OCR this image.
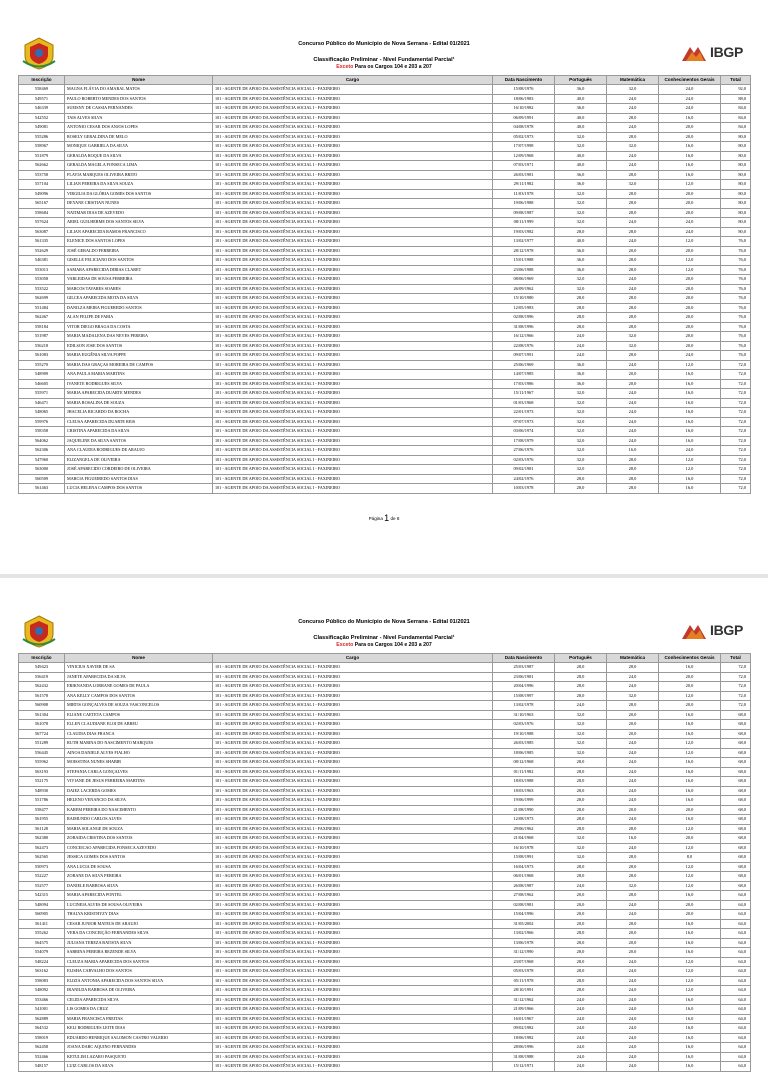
Concurso Público do Município de Nova Serrana - Edital 01/2021
Classificação Preliminar - Nível Fundamental Parcial¹
Exceto Para os Cargos 104 e 203 a 207
IBGP
Inscrição	Nome	Cargo	Data Nascimento	Português	Matemática	Conhecimentos Gerais	Total
558469	MAGNA FLÁVIA DO AMARAL MATOS	101 - AGENTE DE APOIO DA ASSISTÊNCIA SOCIAL I - FAXINEIRO	15/08/1976	36,0	32,0	24,0	92,0
549571	PAULO ROBERTO MENDES DOS SANTOS	101 - AGENTE DE APOIO DA ASSISTÊNCIA SOCIAL I - FAXINEIRO	18/06/1983	40,0	24,0	24,0	88,0
546339	SUEISNY DE CASSIA FERNANDES	101 - AGENTE DE APOIO DA ASSISTÊNCIA SOCIAL I - FAXINEIRO	16/10/1982	36,0	24,0	24,0	84,0
542552	TAIS ALVES SILVA	101 - AGENTE DE APOIO DA ASSISTÊNCIA SOCIAL I - FAXINEIRO	06/09/1991	40,0	28,0	16,0	84,0
549081	ANTONIO CESAR DOS ANJOS LOPES	101 - AGENTE DE APOIO DA ASSISTÊNCIA SOCIAL I - FAXINEIRO	04/08/1978	40,0	24,0	20,0	84,0
555286	ROSELY GERALDINA DE MELO	101 - AGENTE DE APOIO DA ASSISTÊNCIA SOCIAL I - FAXINEIRO	05/02/1973	32,0	28,0	20,0	80,0
558967	MONIQUE GABRIELA DA SILVA	101 - AGENTE DE APOIO DA ASSISTÊNCIA SOCIAL I - FAXINEIRO	17/07/1998	32,0	32,0	16,0	80,0
551879	GERALDA ROQUE DA SILVA	101 - AGENTE DE APOIO DA ASSISTÊNCIA SOCIAL I - FAXINEIRO	12/09/1968	40,0	24,0	16,0	80,0
562662	GERALDA MAGELA FONSECA LIMA	101 - AGENTE DE APOIO DA ASSISTÊNCIA SOCIAL I - FAXINEIRO	07/03/1971	40,0	24,0	16,0	80,0
553758	FLAVIA MARQUES OLIVEIRA BRITO	101 - AGENTE DE APOIO DA ASSISTÊNCIA SOCIAL I - FAXINEIRO	26/03/1981	36,0	28,0	16,0	80,0
557104	LILIAN PEREIRA DA SILVA SOUZA	101 - AGENTE DE APOIO DA ASSISTÊNCIA SOCIAL I - FAXINEIRO	29/11/1982	36,0	32,0	12,0	80,0
549096	VIRGILIA DA GLÓRIA GOMES DOS SANTOS	101 - AGENTE DE APOIO DA ASSISTÊNCIA SOCIAL I - FAXINEIRO	11/03/1978	32,0	28,0	20,0	80,0
565167	DEYANE CRISTIAN NUNES	101 - AGENTE DE APOIO DA ASSISTÊNCIA SOCIAL I - FAXINEIRO	19/06/1988	32,0	28,0	20,0	80,0
558684	NATIMAR DIAS DE AZEVEDO	101 - AGENTE DE APOIO DA ASSISTÊNCIA SOCIAL I - FAXINEIRO	09/08/1987	32,0	28,0	20,0	80,0
557624	ARIEL GUILHERME DOS SANTOS SILVA	101 - AGENTE DE APOIO DA ASSISTÊNCIA SOCIAL I - FAXINEIRO	08/11/1999	32,0	24,0	24,0	80,0
563087	LILIAN APARECIDA RAMOS FRANCISCO	101 - AGENTE DE APOIO DA ASSISTÊNCIA SOCIAL I - FAXINEIRO	19/03/1982	28,0	28,0	24,0	80,0
561335	ELENICE DOS SANTOS LOPES	101 - AGENTE DE APOIO DA ASSISTÊNCIA SOCIAL I - FAXINEIRO	13/02/1977	40,0	24,0	12,0	76,0
552629	JOSÉ GERALDO FERREIRA	101 - AGENTE DE APOIO DA ASSISTÊNCIA SOCIAL I - FAXINEIRO	28/12/1978	36,0	20,0	20,0	76,0
546381	GISELLE FELICIANO DOS SANTOS	101 - AGENTE DE APOIO DA ASSISTÊNCIA SOCIAL I - FAXINEIRO	15/01/1988	36,0	28,0	12,0	76,0
553013	SAMARA APARECIDA DIBIAS CLARET	101 - AGENTE DE APOIO DA ASSISTÊNCIA SOCIAL I - FAXINEIRO	23/06/1988	36,0	28,0	12,0	76,0
553058	VARLEIDAS DE SOUSA FERREIRA	101 - AGENTE DE APOIO DA ASSISTÊNCIA SOCIAL I - FAXINEIRO	08/06/1969	32,0	24,0	20,0	76,0
553522	MARCOS TAVARES SOARES	101 - AGENTE DE APOIO DA ASSISTÊNCIA SOCIAL I - FAXINEIRO	26/09/1962	32,0	24,0	20,0	76,0
562699	GILCEA APARECIDA MOTA DA SILVA	101 - AGENTE DE APOIO DA ASSISTÊNCIA SOCIAL I - FAXINEIRO	15/10/1980	28,0	28,0	20,0	76,0
551484	DANILZA MEIRA FIGUEREDO SANTOS	101 - AGENTE DE APOIO DA ASSISTÊNCIA SOCIAL I - FAXINEIRO	12/05/1983	28,0	28,0	20,0	76,0
562467	ALAN FELIPE DE FARIA	101 - AGENTE DE APOIO DA ASSISTÊNCIA SOCIAL I - FAXINEIRO	02/08/1996	28,0	28,0	20,0	76,0
558184	VITOR DIEGO BRAGA DA COSTA	101 - AGENTE DE APOIO DA ASSISTÊNCIA SOCIAL I - FAXINEIRO	31/08/1996	28,0	28,0	20,0	76,0
551987	MARIA MADALENA DAS NEVES PEREIRA	101 - AGENTE DE APOIO DA ASSISTÊNCIA SOCIAL I - FAXINEIRO	16/12/1966	24,0	32,0	20,0	76,0
556218	EDILSON JOSE DOS SANTOS	101 - AGENTE DE APOIO DA ASSISTÊNCIA SOCIAL I - FAXINEIRO	22/08/1976	24,0	32,0	20,0	76,0
561083	MARIA EUGÊNIA SILVA POPPE	101 - AGENTE DE APOIO DA ASSISTÊNCIA SOCIAL I - FAXINEIRO	09/07/1991	24,0	28,0	24,0	76,0
555270	MARIA DAS GRAÇAS MOREIRA DE CAMPOS	101 - AGENTE DE APOIO DA ASSISTÊNCIA SOCIAL I - FAXINEIRO	25/06/1969	36,0	24,0	12,0	72,0
548909	ANA PAULA MARIA MARTINS	101 - AGENTE DE APOIO DA ASSISTÊNCIA SOCIAL I - FAXINEIRO	14/07/1985	36,0	20,0	16,0	72,0
546605	IVANETE RODRIGUES SILVA	101 - AGENTE DE APOIO DA ASSISTÊNCIA SOCIAL I - FAXINEIRO	17/03/1986	36,0	20,0	16,0	72,0
555971	MARIA APARECIDA DUARTE MENDES	101 - AGENTE DE APOIO DA ASSISTÊNCIA SOCIAL I - FAXINEIRO	15/11/1967	32,0	24,0	16,0	72,0
546471	MARIA ROSALINA DE SOUZA	101 - AGENTE DE APOIO DA ASSISTÊNCIA SOCIAL I - FAXINEIRO	01/03/1968	32,0	24,0	16,0	72,0
548065	JHACELIA RICARDO DA ROCHA	101 - AGENTE DE APOIO DA ASSISTÊNCIA SOCIAL I - FAXINEIRO	22/01/1973	32,0	24,0	16,0	72,0
559976	CLEUSA APARECIDA DUARTE REIS	101 - AGENTE DE APOIO DA ASSISTÊNCIA SOCIAL I - FAXINEIRO	07/07/1973	32,0	24,0	16,0	72,0
558358	CRISTINA APARECIDA DA SILVA	101 - AGENTE DE APOIO DA ASSISTÊNCIA SOCIAL I - FAXINEIRO	03/06/1974	32,0	24,0	16,0	72,0
564062	JAQUELINE DA SILVA SANTOS	101 - AGENTE DE APOIO DA ASSISTÊNCIA SOCIAL I - FAXINEIRO	17/08/1979	32,0	24,0	16,0	72,0
562306	ANA CLAUDIA RODRIGUES DE ARAUJO	101 - AGENTE DE APOIO DA ASSISTÊNCIA SOCIAL I - FAXINEIRO	27/06/1976	32,0	16,0	24,0	72,0
547960	ELIZANGELA DE OLIVEIRA	101 - AGENTE DE APOIO DA ASSISTÊNCIA SOCIAL I - FAXINEIRO	02/03/1976	32,0	28,0	12,0	72,0
563000	JOSÉ APARECIDO CORDEIRO DE OLIVEIRA	101 - AGENTE DE APOIO DA ASSISTÊNCIA SOCIAL I - FAXINEIRO	09/02/1981	32,0	28,0	12,0	72,0
560509	MARCIA FIGUEIREDO SANTOS DIAS	101 - AGENTE DE APOIO DA ASSISTÊNCIA SOCIAL I - FAXINEIRO	24/02/1976	28,0	28,0	16,0	72,0
561463	LUCIA HELENA CAMPOS DOS SANTOS	101 - AGENTE DE APOIO DA ASSISTÊNCIA SOCIAL I - FAXINEIRO	10/03/1978	28,0	28,0	16,0	72,0
Página 1 de 8
Concurso Público do Município de Nova Serrana - Edital 01/2021
Classificação Preliminar - Nível Fundamental Parcial¹
Exceto Para os Cargos 104 e 203 a 207
IBGP
Inscrição	Nome	Cargo	Data Nascimento	Português	Matemática	Conhecimentos Gerais	Total
549423	VINICIUS XAVIER DE SA	101 - AGENTE DE APOIO DA ASSISTÊNCIA SOCIAL I - FAXINEIRO	25/03/1987	28,0	28,0	16,0	72,0
556419	JANETE APARECIDA DA SILVA	101 - AGENTE DE APOIO DA ASSISTÊNCIA SOCIAL I - FAXINEIRO	23/06/1981	28,0	24,0	20,0	72,0
562432	ERIKNANDA LORRANE GOMES DE PAULA	101 - AGENTE DE APOIO DA ASSISTÊNCIA SOCIAL I - FAXINEIRO	20/04/1996	28,0	24,0	20,0	72,0
561578	ANA KELLY CAMPOS DOS SANTOS	101 - AGENTE DE APOIO DA ASSISTÊNCIA SOCIAL I - FAXINEIRO	15/08/1997	28,0	32,0	12,0	72,0
560908	MIRTIS GONÇALVES DE SOUZA VASCONCELOS	101 - AGENTE DE APOIO DA ASSISTÊNCIA SOCIAL I - FAXINEIRO	13/02/1978	24,0	28,0	20,0	72,0
561304	ELIANE CAETETA CAMPOS	101 - AGENTE DE APOIO DA ASSISTÊNCIA SOCIAL I - FAXINEIRO	31/10/1963	32,0	20,0	16,0	68,0
561078	ELLEN CLAUDIANE ELOI DE ABREU	101 - AGENTE DE APOIO DA ASSISTÊNCIA SOCIAL I - FAXINEIRO	02/03/1976	32,0	20,0	16,0	68,0
567724	CLAUDIA DIAS FRANCA	101 - AGENTE DE APOIO DA ASSISTÊNCIA SOCIAL I - FAXINEIRO	19/10/1988	32,0	20,0	16,0	68,0
551289	RUTH MARINA DO NASCIMENTO MARQUES	101 - AGENTE DE APOIO DA ASSISTÊNCIA SOCIAL I - FAXINEIRO	26/03/1985	32,0	24,0	12,0	68,0
556445	AINOA DANIELE ALVES FIALHO	101 - AGENTE DE APOIO DA ASSISTÊNCIA SOCIAL I - FAXINEIRO	18/06/1985	32,0	24,0	12,0	68,0
555962	MOISSTINA NUNES SHABIB	101 - AGENTE DE APOIO DA ASSISTÊNCIA SOCIAL I - FAXINEIRO	08/12/1968	28,0	24,0	16,0	68,0
563193	STEFANIA CARLA GONÇALVES	101 - AGENTE DE APOIO DA ASSISTÊNCIA SOCIAL I - FAXINEIRO	01/11/1982	28,0	24,0	16,0	68,0
552175	VIVIANE DE JESUS FERREIRA MARTINS	101 - AGENTE DE APOIO DA ASSISTÊNCIA SOCIAL I - FAXINEIRO	18/03/1988	28,0	24,0	16,0	68,0
548930	DAIEZ LACERDA GOMES	101 - AGENTE DE APOIO DA ASSISTÊNCIA SOCIAL I - FAXINEIRO	18/03/1963	28,0	24,0	16,0	68,0
551786	HELENO VENANCIO DA SILVA	101 - AGENTE DE APOIO DA ASSISTÊNCIA SOCIAL I - FAXINEIRO	19/06/1999	28,0	24,0	16,0	68,0
558477	KAREM PEREIRA DO NASCIMENTO	101 - AGENTE DE APOIO DA ASSISTÊNCIA SOCIAL I - FAXINEIRO	21/08/1990	28,0	20,0	20,0	68,0
561955	RAIMUNDO CARLOS ALVES	101 - AGENTE DE APOIO DA ASSISTÊNCIA SOCIAL I - FAXINEIRO	12/08/1973	28,0	24,0	16,0	68,0
561128	MARIA SOLANGE DE SOUZA	101 - AGENTE DE APOIO DA ASSISTÊNCIA SOCIAL I - FAXINEIRO	29/06/1962	28,0	28,0	12,0	68,0
562380	ZORAIDA CRISTINA DOS SANTOS	101 - AGENTE DE APOIO DA ASSISTÊNCIA SOCIAL I - FAXINEIRO	21/04/1968	32,0	16,0	20,0	68,0
562473	CONCEICAO APARECIDA FONSECA AZEVEDO	101 - AGENTE DE APOIO DA ASSISTÊNCIA SOCIAL I - FAXINEIRO	16/10/1978	32,0	24,0	12,0	68,0
562565	JESSICA GOMES DOS SANTOS	101 - AGENTE DE APOIO DA ASSISTÊNCIA SOCIAL I - FAXINEIRO	15/08/1991	32,0	28,0	8,0	68,0
550973	ANA LUCIA DE SOUSA	101 - AGENTE DE APOIO DA ASSISTÊNCIA SOCIAL I - FAXINEIRO	16/04/1973	28,0	28,0	12,0	68,0
552227	ZORANE DA SILVA PEREIRA	101 - AGENTE DE APOIO DA ASSISTÊNCIA SOCIAL I - FAXINEIRO	06/01/1968	28,0	28,0	12,0	68,0
552577	DANIELE BARBOSA SILVA	101 - AGENTE DE APOIO DA ASSISTÊNCIA SOCIAL I - FAXINEIRO	26/08/1987	24,0	32,0	12,0	68,0
542315	MARIA APARECIDA PONTEL	101 - AGENTE DE APOIO DA ASSISTÊNCIA SOCIAL I - FAXINEIRO	27/08/1962	20,0	28,0	16,0	64,0
548094	LUCINEIA ALVES DE SOUSA OLIVEIRA	101 - AGENTE DE APOIO DA ASSISTÊNCIA SOCIAL I - FAXINEIRO	02/08/1981	20,0	24,0	20,0	64,0
560905	THALYA KRISTHYZY DIAS	101 - AGENTE DE APOIO DA ASSISTÊNCIA SOCIAL I - FAXINEIRO	15/04/1996	20,0	24,0	20,0	64,0
561411	CESAR JUNIOR MATEUS DE ARAUJO	101 - AGENTE DE APOIO DA ASSISTÊNCIA SOCIAL I - FAXINEIRO	31/05/2002	20,0	28,0	16,0	64,0
555262	VERA DA CONCEIÇÃO FERNANDES SILVA	101 - AGENTE DE APOIO DA ASSISTÊNCIA SOCIAL I - FAXINEIRO	13/02/1966	28,0	20,0	16,0	64,0
564575	JULIANA TEREZA BATISTA SILVA	101 - AGENTE DE APOIO DA ASSISTÊNCIA SOCIAL I - FAXINEIRO	13/06/1978	28,0	20,0	16,0	64,0
554079	SABRINA PEREIRA REZENDE SILVA	101 - AGENTE DE APOIO DA ASSISTÊNCIA SOCIAL I - FAXINEIRO	31/12/1990	28,0	20,0	16,0	64,0
548224	CLEUZA MARIA APARECIDA DOS SANTOS	101 - AGENTE DE APOIO DA ASSISTÊNCIA SOCIAL I - FAXINEIRO	23/07/1968	28,0	24,0	12,0	64,0
563162	ELISHA CARVALHO DOS SANTOS	101 - AGENTE DE APOIO DA ASSISTÊNCIA SOCIAL I - FAXINEIRO	05/03/1978	28,0	24,0	12,0	64,0
558083	ELIZIA ANTONIA APARECIDA DOS SANTOS SILVA	101 - AGENTE DE APOIO DA ASSISTÊNCIA SOCIAL I - FAXINEIRO	05/11/1978	28,0	24,0	12,0	64,0
548092	IRANILDA BARBOSA DE OLIVEIRA	101 - AGENTE DE APOIO DA ASSISTÊNCIA SOCIAL I - FAXINEIRO	28/10/1991	28,0	24,0	12,0	64,0
553466	CELIDA APARECIDA SILVA	101 - AGENTE DE APOIO DA ASSISTÊNCIA SOCIAL I - FAXINEIRO	31/12/1962	24,0	24,0	16,0	64,0
541001	LIS GOMES DA CRUZ	101 - AGENTE DE APOIO DA ASSISTÊNCIA SOCIAL I - FAXINEIRO	21/09/1966	24,0	24,0	16,0	64,0
562889	MARIA FRANCISCA FREITAS	101 - AGENTE DE APOIO DA ASSISTÊNCIA SOCIAL I - FAXINEIRO	16/01/1967	24,0	24,0	16,0	64,0
564532	KELI RODRIGUES LEITE DIAS	101 - AGENTE DE APOIO DA ASSISTÊNCIA SOCIAL I - FAXINEIRO	09/02/1982	24,0	24,0	16,0	64,0
558019	EDUARDO HENRIQUE SALOMON CASTRO VALERIO	101 - AGENTE DE APOIO DA ASSISTÊNCIA SOCIAL I - FAXINEIRO	18/06/1982	24,0	24,0	16,0	64,0
562458	JOANA DARC AQUINO FERNANDES	101 - AGENTE DE APOIO DA ASSISTÊNCIA SOCIAL I - FAXINEIRO	28/06/1996	24,0	24,0	16,0	64,0
552466	KETULIM LAZARO PASQUETO	101 - AGENTE DE APOIO DA ASSISTÊNCIA SOCIAL I - FAXINEIRO	31/08/1988	24,0	24,0	16,0	64,0
548157	LUIZ CARLOS DA SILVA	101 - AGENTE DE APOIO DA ASSISTÊNCIA SOCIAL I - FAXINEIRO	15/12/1971	24,0	24,0	16,0	64,0
